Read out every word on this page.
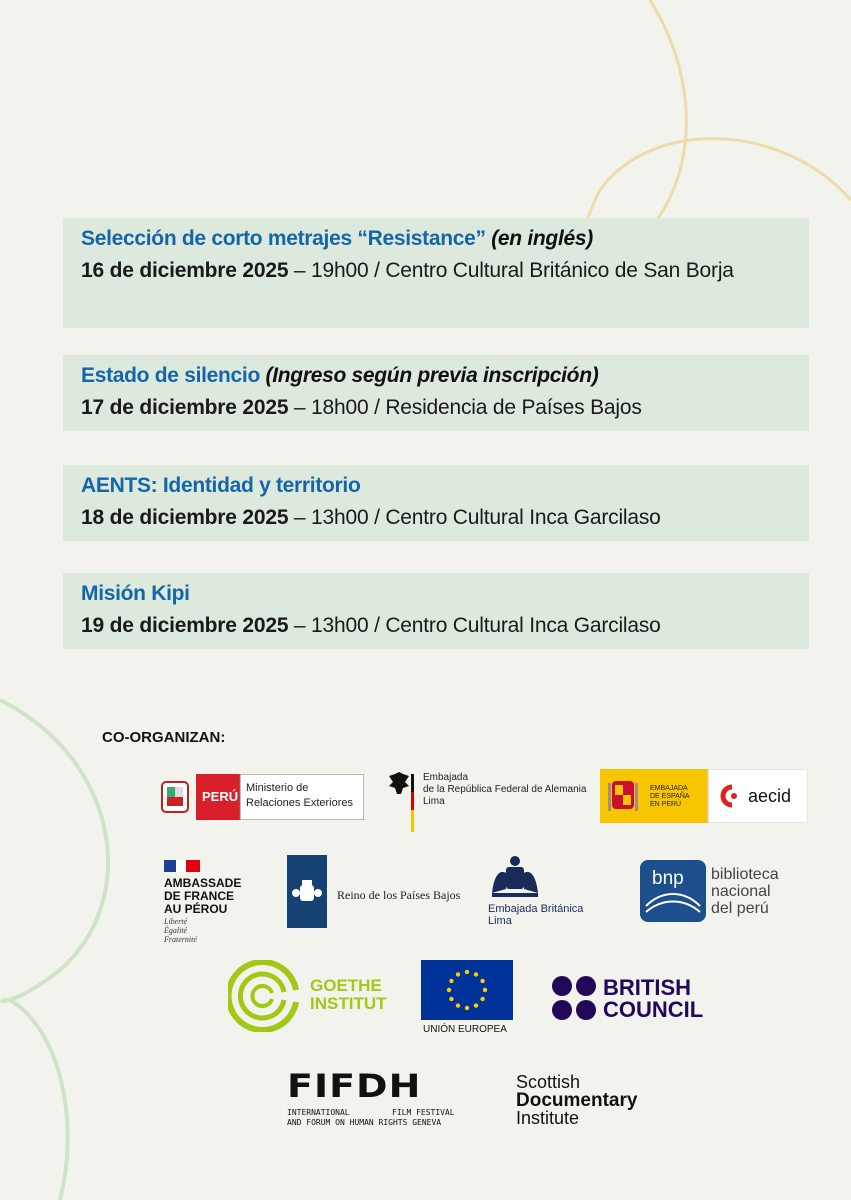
Selección de corto metrajes “Resistance” (en inglés)
16 de diciembre 2025 – 19h00 / Centro Cultural Británico de San Borja
Estado de silencio (Ingreso según previa inscripción)
17 de diciembre 2025 – 18h00 / Residencia de Países Bajos
AENTS: Identidad y territorio
18 de diciembre 2025 – 13h00 / Centro Cultural Inca Garcilaso
Misión Kipi
19 de diciembre 2025 – 13h00 / Centro Cultural Inca Garcilaso
CO-ORGANIZAN:
PERÚ
Ministerio de
Relaciones Exteriores
Embajada
de la República Federal de Alemania
Lima
EMBAJADA
DE ESPAÑA
EN PERÚ	aecid
AMBASSADE
DE FRANCE
AU PÉROU
Liberté
Égalité
Fraternité
Reino de los Países Bajos
Embajada Británica
Lima
bnp biblioteca
nacional
del perú
GOETHE
INSTITUT
UNIÓN EUROPEA
BRITISH
COUNCIL
FIFDH
INTERNATIONAL	FILM FESTIVAL
AND FORUM ON HUMAN RIGHTS GENEVA
Scottish
Documentary
Institute
